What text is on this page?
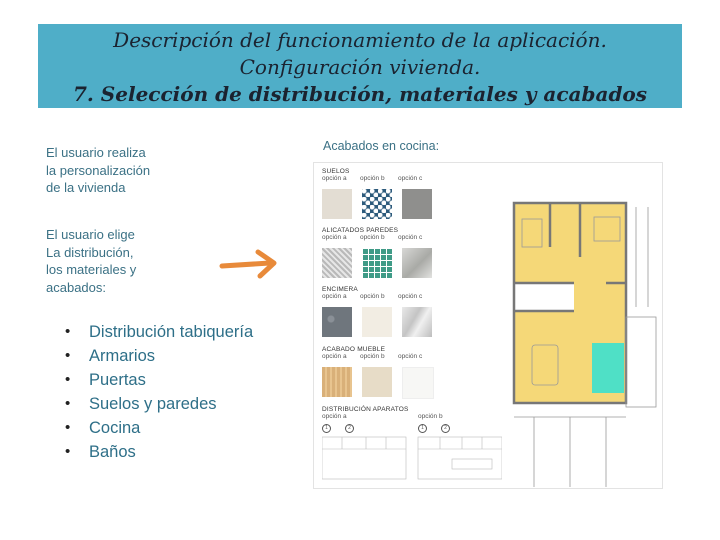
Descripción del funcionamiento de la aplicación.
Configuración vivienda.
7. Selección de distribución, materiales y acabados
El usuario realiza
la personalización
de la vivienda
El usuario elige
La distribución,
los materiales y
acabados:
•	Distribución tabiquería
•	Armarios
•	Puertas
•	Suelos y paredes
•	Cocina
•	Baños
Acabados en cocina:
SUELOS
opción a	opción b	opción c
ALICATADOS PAREDES
opción a	opción b	opción c
ENCIMERA
opción a	opción b	opción c
ACABADO MUEBLE
opción a	opción b	opción c
DISTRIBUCIÓN APARATOS
opción a	opción b
1	2	1	2
